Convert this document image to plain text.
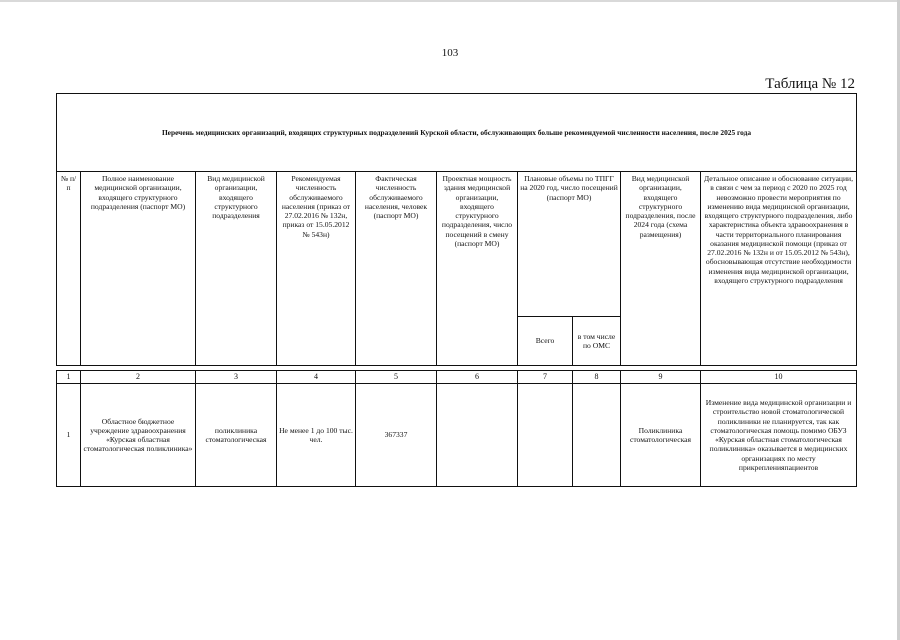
103
Таблица № 12
Перечень медицинских организаций, входящих структурных подразделений Курской области, обслуживающих больше рекомендуемой численности населения, после 2025 года									
№ п/п	Полное наименование медицинской организации, входящего структурного подразделения (паспорт МО)	Вид медицинской организации, входящего структурного подразделения	Рекомендуемая численность обслуживаемого населения (приказ от 27.02.2016 № 132н, приказ от 15.05.2012 № 543н)	Фактическая численность обслуживаемого населения, человек (паспорт МО)	Проектная мощность здания медицинской организации, входящего структурного подразделения, число посещений в смену (паспорт МО)	Плановые объемы по ТПГГ на 2020 год, число посещений (паспорт МО)		Вид медицинской организации, входящего структурного подразделения, после 2024 года (схема размещения)	Детальное описание и обоснование ситуации, в связи с чем за период с 2020 по 2025 год невозможно провести мероприятия по изменению вида медицинской организации, входящего структурного подразделения, либо характеристика объекта здравоохранения в части территориального планирования оказания медицинской помощи (приказ от 27.02.2016 № 132н и от 15.05.2012 № 543н), обосновывающая отсутствие необходимости изменения вида медицинской организации, входящего структурного подразделения
						Всего	в том числе по ОМС		

1	2	3	4	5	6	7	8	9	10
1	Областное бюджетное учреждение здравоохранения «Курская областная стоматологическая поликлиника»	поликлиника стоматологическая	Не менее 1 до 100 тыс. чел.	367337				Поликлиника стоматологическая	Изменение вида медицинской организации и строительство новой стоматологической поликлиники не планируется, так как стоматологическая помощь помимо ОБУЗ «Курская областная стоматологическая поликлиника» оказывается в медицинских организациях по месту прикрепленияпациентов
